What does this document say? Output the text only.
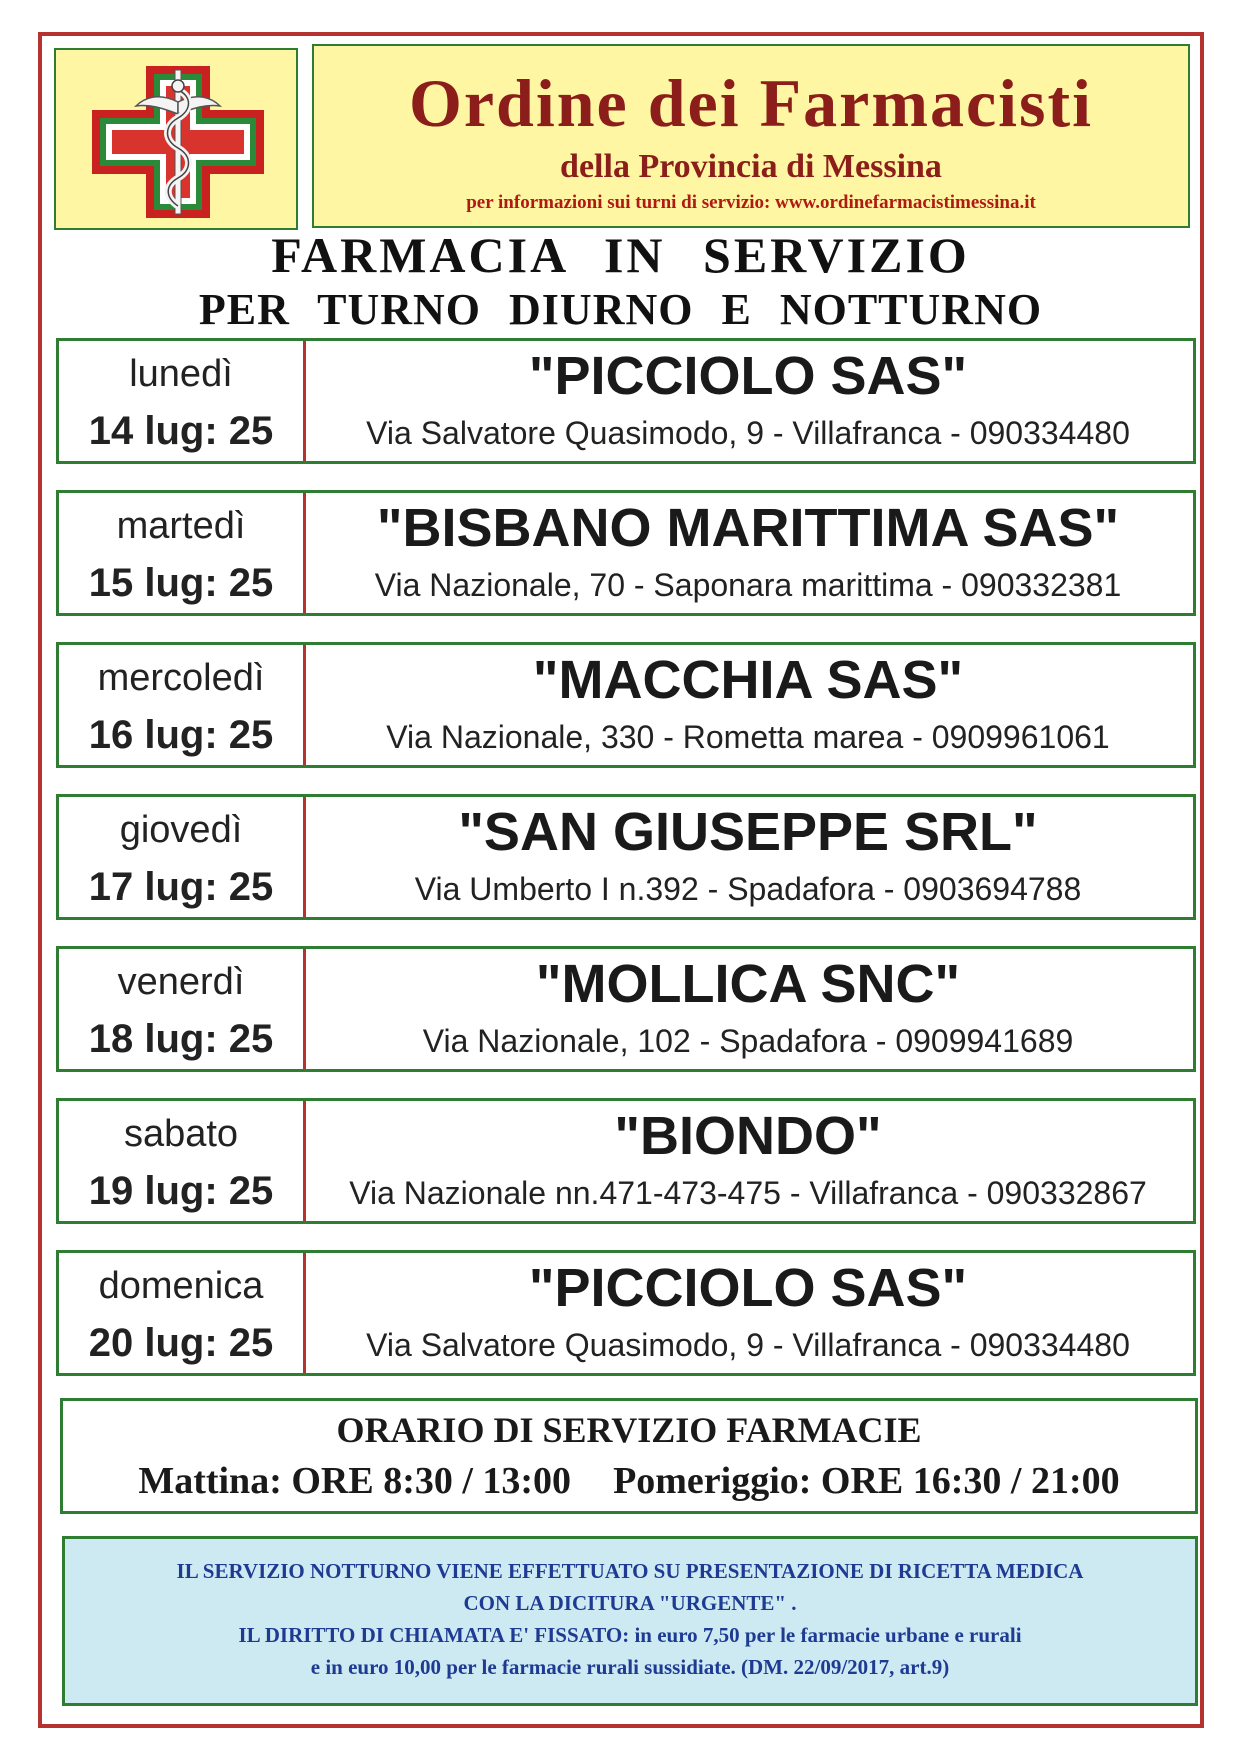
Ordine dei Farmacisti
della Provincia di Messina
per informazioni sui turni di servizio: www.ordinefarmacistimessina.it
FARMACIA IN SERVIZIO
PER TURNO DIURNO E NOTTURNO
lunedì
14 lug: 25
"PICCIOLO SAS"
Via Salvatore Quasimodo, 9 - Villafranca - 090334480
martedì
15 lug: 25
"BISBANO MARITTIMA SAS"
Via Nazionale, 70 - Saponara marittima - 090332381
mercoledì
16 lug: 25
"MACCHIA SAS"
Via Nazionale, 330 - Rometta marea - 0909961061
giovedì
17 lug: 25
"SAN GIUSEPPE SRL"
Via Umberto I n.392 - Spadafora - 0903694788
venerdì
18 lug: 25
"MOLLICA SNC"
Via Nazionale, 102 - Spadafora - 0909941689
sabato
19 lug: 25
"BIONDO"
Via Nazionale nn.471-473-475 - Villafranca - 090332867
domenica
20 lug: 25
"PICCIOLO SAS"
Via Salvatore Quasimodo, 9 - Villafranca - 090334480
ORARIO DI SERVIZIO FARMACIE
Mattina: ORE 8:30 / 13:00 Pomeriggio: ORE 16:30 / 21:00
IL SERVIZIO NOTTURNO VIENE EFFETTUATO SU PRESENTAZIONE DI RICETTA MEDICA
CON LA DICITURA "URGENTE" .
IL DIRITTO DI CHIAMATA E' FISSATO: in euro 7,50 per le farmacie urbane e rurali
e in euro 10,00 per le farmacie rurali sussidiate. (DM. 22/09/2017, art.9)
